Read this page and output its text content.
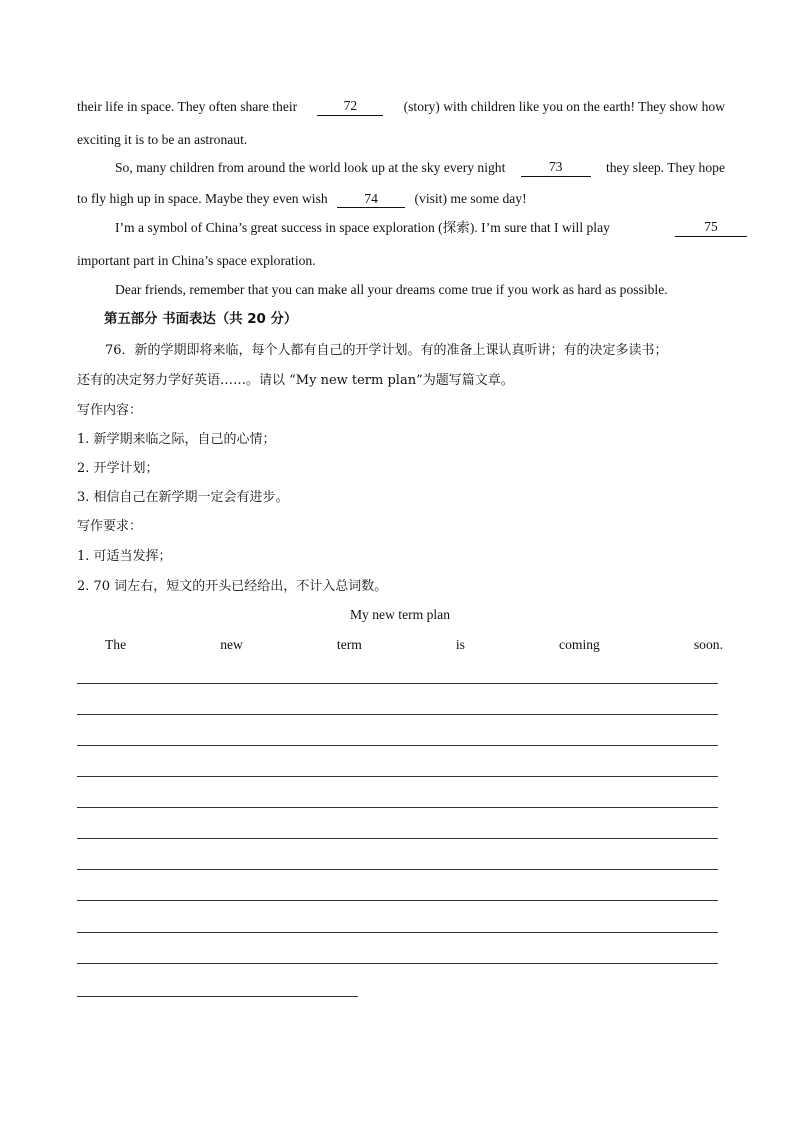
their life in space. They often share their	72	(story) with children like you on the earth! They show how
exciting it is to be an astronaut.
So, many children from around the world look up at the sky every night	73	they sleep. They hope
to fly high up in space. Maybe they even wish	74	(visit) me some day!
I’m a symbol of China’s great success in space exploration (探索). I’m sure that I will play	75
important part in China’s space exploration.
Dear friends, remember that you can make all your dreams come true if you work as hard as possible.
第五部分 书面表达（共 20 分）
76．新的学期即将来临，每个人都有自己的开学计划。有的准备上课认真听讲；有的决定多读书；
还有的决定努力学好英语……。请以 “My new term plan”为题写篇文章。
写作内容：
1. 新学期来临之际，自己的心情；
2. 开学计划；
3. 相信自己在新学期一定会有进步。
写作要求：
1. 可适当发挥；
2. 70 词左右，短文的开头已经给出，不计入总词数。
My new term plan
The	new	term	is	coming	soon.
